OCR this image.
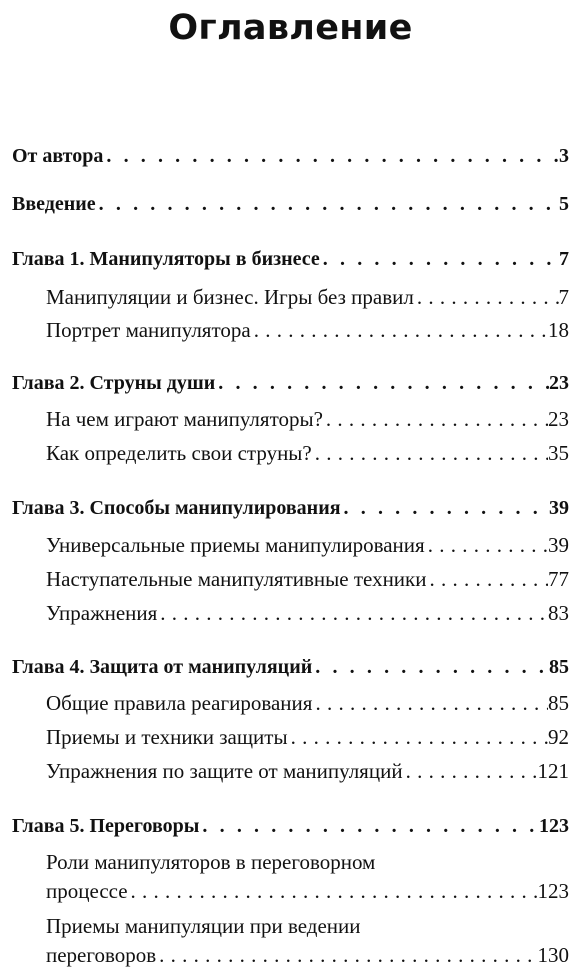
Оглавление
От автора . . .	3
Введение . . .	5
Глава 1. Манипуляторы в бизнесе . . .	7
Манипуляции и бизнес. Игры без правил . . .	7
Портрет манипулятора . . .	18
Глава 2. Струны души . . .	23
На чем играют манипуляторы? . . .	23
Как определить свои струны? . . .	35
Глава 3. Способы манипулирования . . .	39
Универсальные приемы манипулирования . . .	39
Наступательные манипулятивные техники . . .	77
Упражнения . . .	83
Глава 4. Защита от манипуляций . . .	85
Общие правила реагирования . . .	85
Приемы и техники защиты . . .	92
Упражнения по защите от манипуляций . . .	121
Глава 5. Переговоры . . .	123
Роли манипуляторов в переговорном
процессе . . .	123
Приемы манипуляции при ведении
переговоров . . .	130
